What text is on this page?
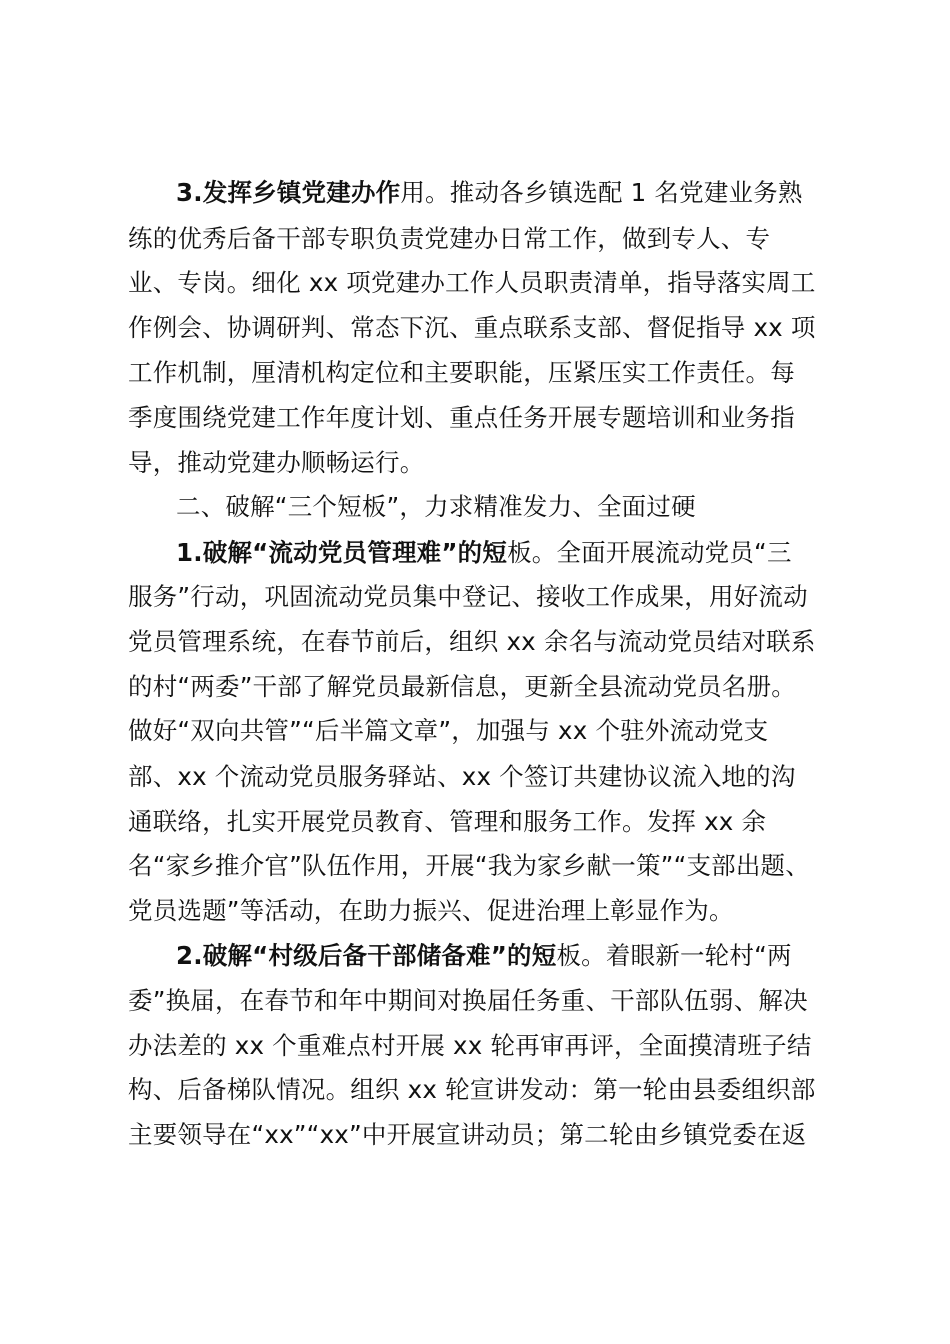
3.发挥乡镇党建办作用。推动各乡镇选配 1 名党建业务熟
练的优秀后备干部专职负责党建办日常工作，做到专人、专
业、专岗。细化 xx 项党建办工作人员职责清单，指导落实周工
作例会、协调研判、常态下沉、重点联系支部、督促指导 xx 项
工作机制，厘清机构定位和主要职能，压紧压实工作责任。每
季度围绕党建工作年度计划、重点任务开展专题培训和业务指
导，推动党建办顺畅运行。
二、破解“三个短板”，力求精准发力、全面过硬
1.破解“流动党员管理难”的短板。全面开展流动党员“三
服务”行动，巩固流动党员集中登记、接收工作成果，用好流动
党员管理系统，在春节前后，组织 xx 余名与流动党员结对联系
的村“两委”干部了解党员最新信息，更新全县流动党员名册。
做好“双向共管”“后半篇文章”，加强与 xx 个驻外流动党支
部、xx 个流动党员服务驿站、xx 个签订共建协议流入地的沟
通联络，扎实开展党员教育、管理和服务工作。发挥 xx 余
名“家乡推介官”队伍作用，开展“我为家乡献一策”“支部出题、
党员选题”等活动，在助力振兴、促进治理上彰显作为。
2.破解“村级后备干部储备难”的短板。着眼新一轮村“两
委”换届，在春节和年中期间对换届任务重、干部队伍弱、解决
办法差的 xx 个重难点村开展 xx 轮再审再评，全面摸清班子结
构、后备梯队情况。组织 xx 轮宣讲发动：第一轮由县委组织部
主要领导在“xx”“xx”中开展宣讲动员；第二轮由乡镇党委在返
